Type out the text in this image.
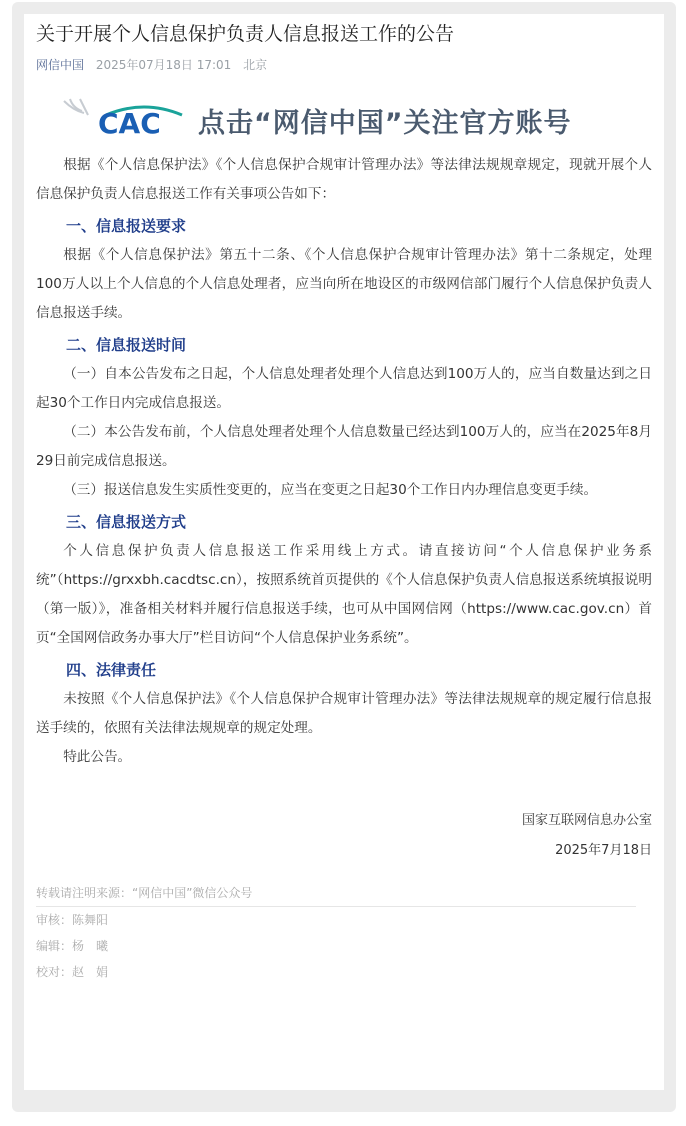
关于开展个人信息保护负责人信息报送工作的公告
网信中国 2025年07月18日 17:01 北京
CAC 点击“网信中国”关注官方账号

根据《个人信息保护法》《个人信息保护合规审计管理办法》等法律法规规章规定，现就开展个人信息保护负责人信息报送工作有关事项公告如下：

一、信息报送要求

根据《个人信息保护法》第五十二条、《个人信息保护合规审计管理办法》第十二条规定，处理100万人以上个人信息的个人信息处理者，应当向所在地设区的市级网信部门履行个人信息保护负责人信息报送手续。

二、信息报送时间

（一）自本公告发布之日起，个人信息处理者处理个人信息达到100万人的，应当自数量达到之日起30个工作日内完成信息报送。

（二）本公告发布前，个人信息处理者处理个人信息数量已经达到100万人的，应当在2025年8月29日前完成信息报送。

（三）报送信息发生实质性变更的，应当在变更之日起30个工作日内办理信息变更手续。

三、信息报送方式

个人信息保护负责人信息报送工作采用线上方式。请直接访问“个人信息保护业务系统”（https://grxxbh.cacdtsc.cn），按照系统首页提供的《个人信息保护负责人信息报送系统填报说明（第一版）》，准备相关材料并履行信息报送手续，也可从中国网信网（https://www.cac.gov.cn）首页“全国网信政务办事大厅”栏目访问“个人信息保护业务系统”。

四、法律责任

未按照《个人信息保护法》《个人信息保护合规审计管理办法》等法律法规规章的规定履行信息报送手续的，依照有关法律法规规章的规定处理。

特此公告。

国家互联网信息办公室

2025年7月18日

转载请注明来源：“网信中国”微信公众号
审核：陈舞阳
编辑：杨　曦
校对：赵　娟
